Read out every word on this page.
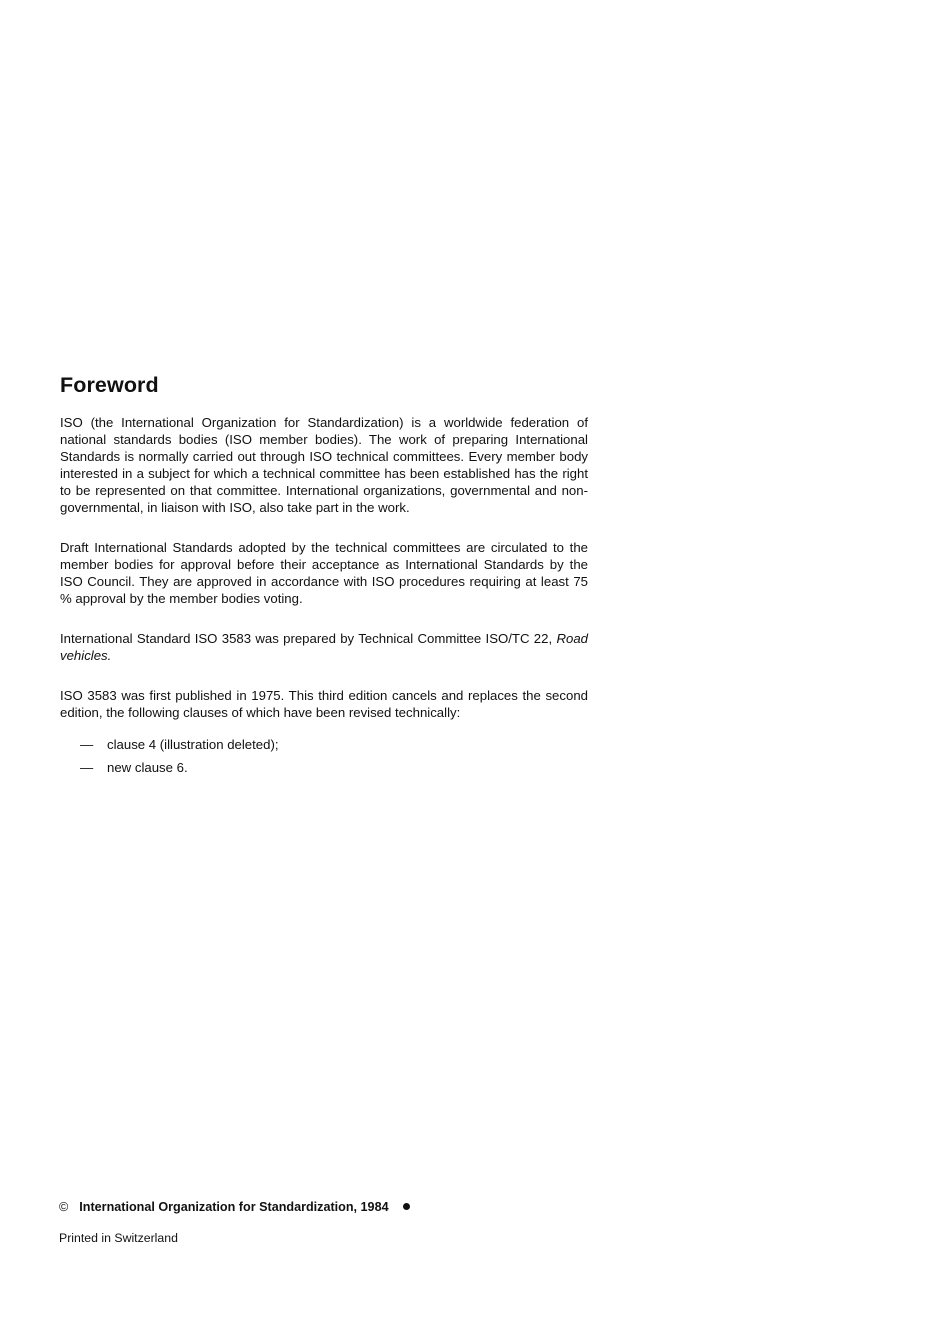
Foreword

ISO (the International Organization for Standardization) is a worldwide federation of national standards bodies (ISO member bodies). The work of preparing International Standards is normally carried out through ISO technical committees. Every member body interested in a subject for which a technical committee has been established has the right to be represented on that committee. International organizations, governmental and non-governmental, in liaison with ISO, also take part in the work.

Draft International Standards adopted by the technical committees are circulated to the member bodies for approval before their acceptance as International Standards by the ISO Council. They are approved in accordance with ISO procedures requiring at least 75 % approval by the member bodies voting.

International Standard ISO 3583 was prepared by Technical Committee ISO/TC 22, Road vehicles.

ISO 3583 was first published in 1975. This third edition cancels and replaces the second edition, the following clauses of which have been revised technically:

— clause 4 (illustration deleted);
— new clause 6.
© International Organization for Standardization, 1984
Printed in Switzerland
